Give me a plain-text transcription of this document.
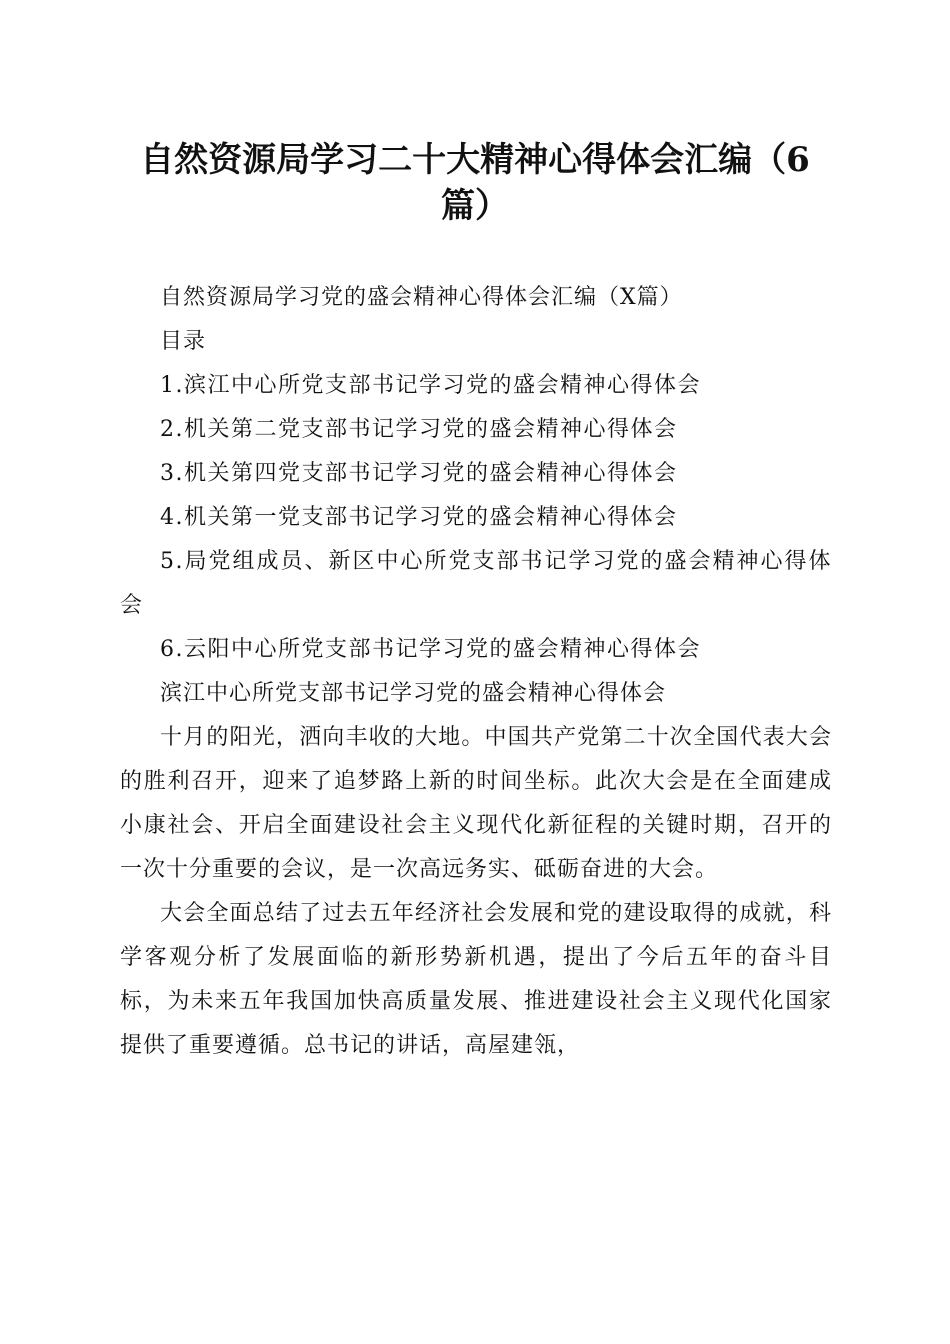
自然资源局学习二十大精神心得体会汇编（6篇）

自然资源局学习党的盛会精神心得体会汇编（X篇）

目录

1.滨江中心所党支部书记学习党的盛会精神心得体会

2.机关第二党支部书记学习党的盛会精神心得体会

3.机关第四党支部书记学习党的盛会精神心得体会

4.机关第一党支部书记学习党的盛会精神心得体会

5.局党组成员、新区中心所党支部书记学习党的盛会精神心得体会

6.云阳中心所党支部书记学习党的盛会精神心得体会

滨江中心所党支部书记学习党的盛会精神心得体会

十月的阳光，洒向丰收的大地。中国共产党第二十次全国代表大会的胜利召开，迎来了追梦路上新的时间坐标。此次大会是在全面建成小康社会、开启全面建设社会主义现代化新征程的关键时期，召开的一次十分重要的会议，是一次高远务实、砥砺奋进的大会。

大会全面总结了过去五年经济社会发展和党的建设取得的成就，科学客观分析了发展面临的新形势新机遇，提出了今后五年的奋斗目标，为未来五年我国加快高质量发展、推进建设社会主义现代化国家提供了重要遵循。总书记的讲话，高屋建瓴，
